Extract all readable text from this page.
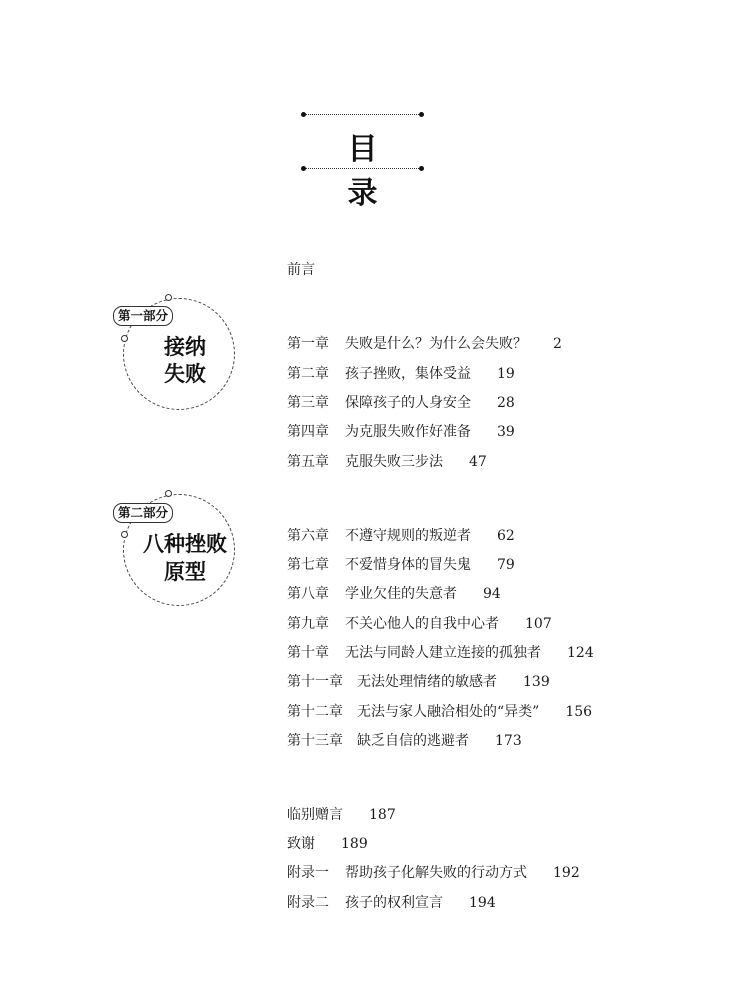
目 录
前言
第一部分
接纳
失败
第二部分
八种挫败
原型
第一章 失败是什么？为什么会失败？ 2
第二章 孩子挫败，集体受益 19
第三章 保障孩子的人身安全 28
第四章 为克服失败作好准备 39
第五章 克服失败三步法 47
第六章 不遵守规则的叛逆者 62
第七章 不爱惜身体的冒失鬼 79
第八章 学业欠佳的失意者 94
第九章 不关心他人的自我中心者 107
第十章 无法与同龄人建立连接的孤独者 124
第十一章 无法处理情绪的敏感者 139
第十二章 无法与家人融洽相处的“异类” 156
第十三章 缺乏自信的逃避者 173
临别赠言 187
致谢 189
附录一 帮助孩子化解失败的行动方式 192
附录二 孩子的权利宣言 194
